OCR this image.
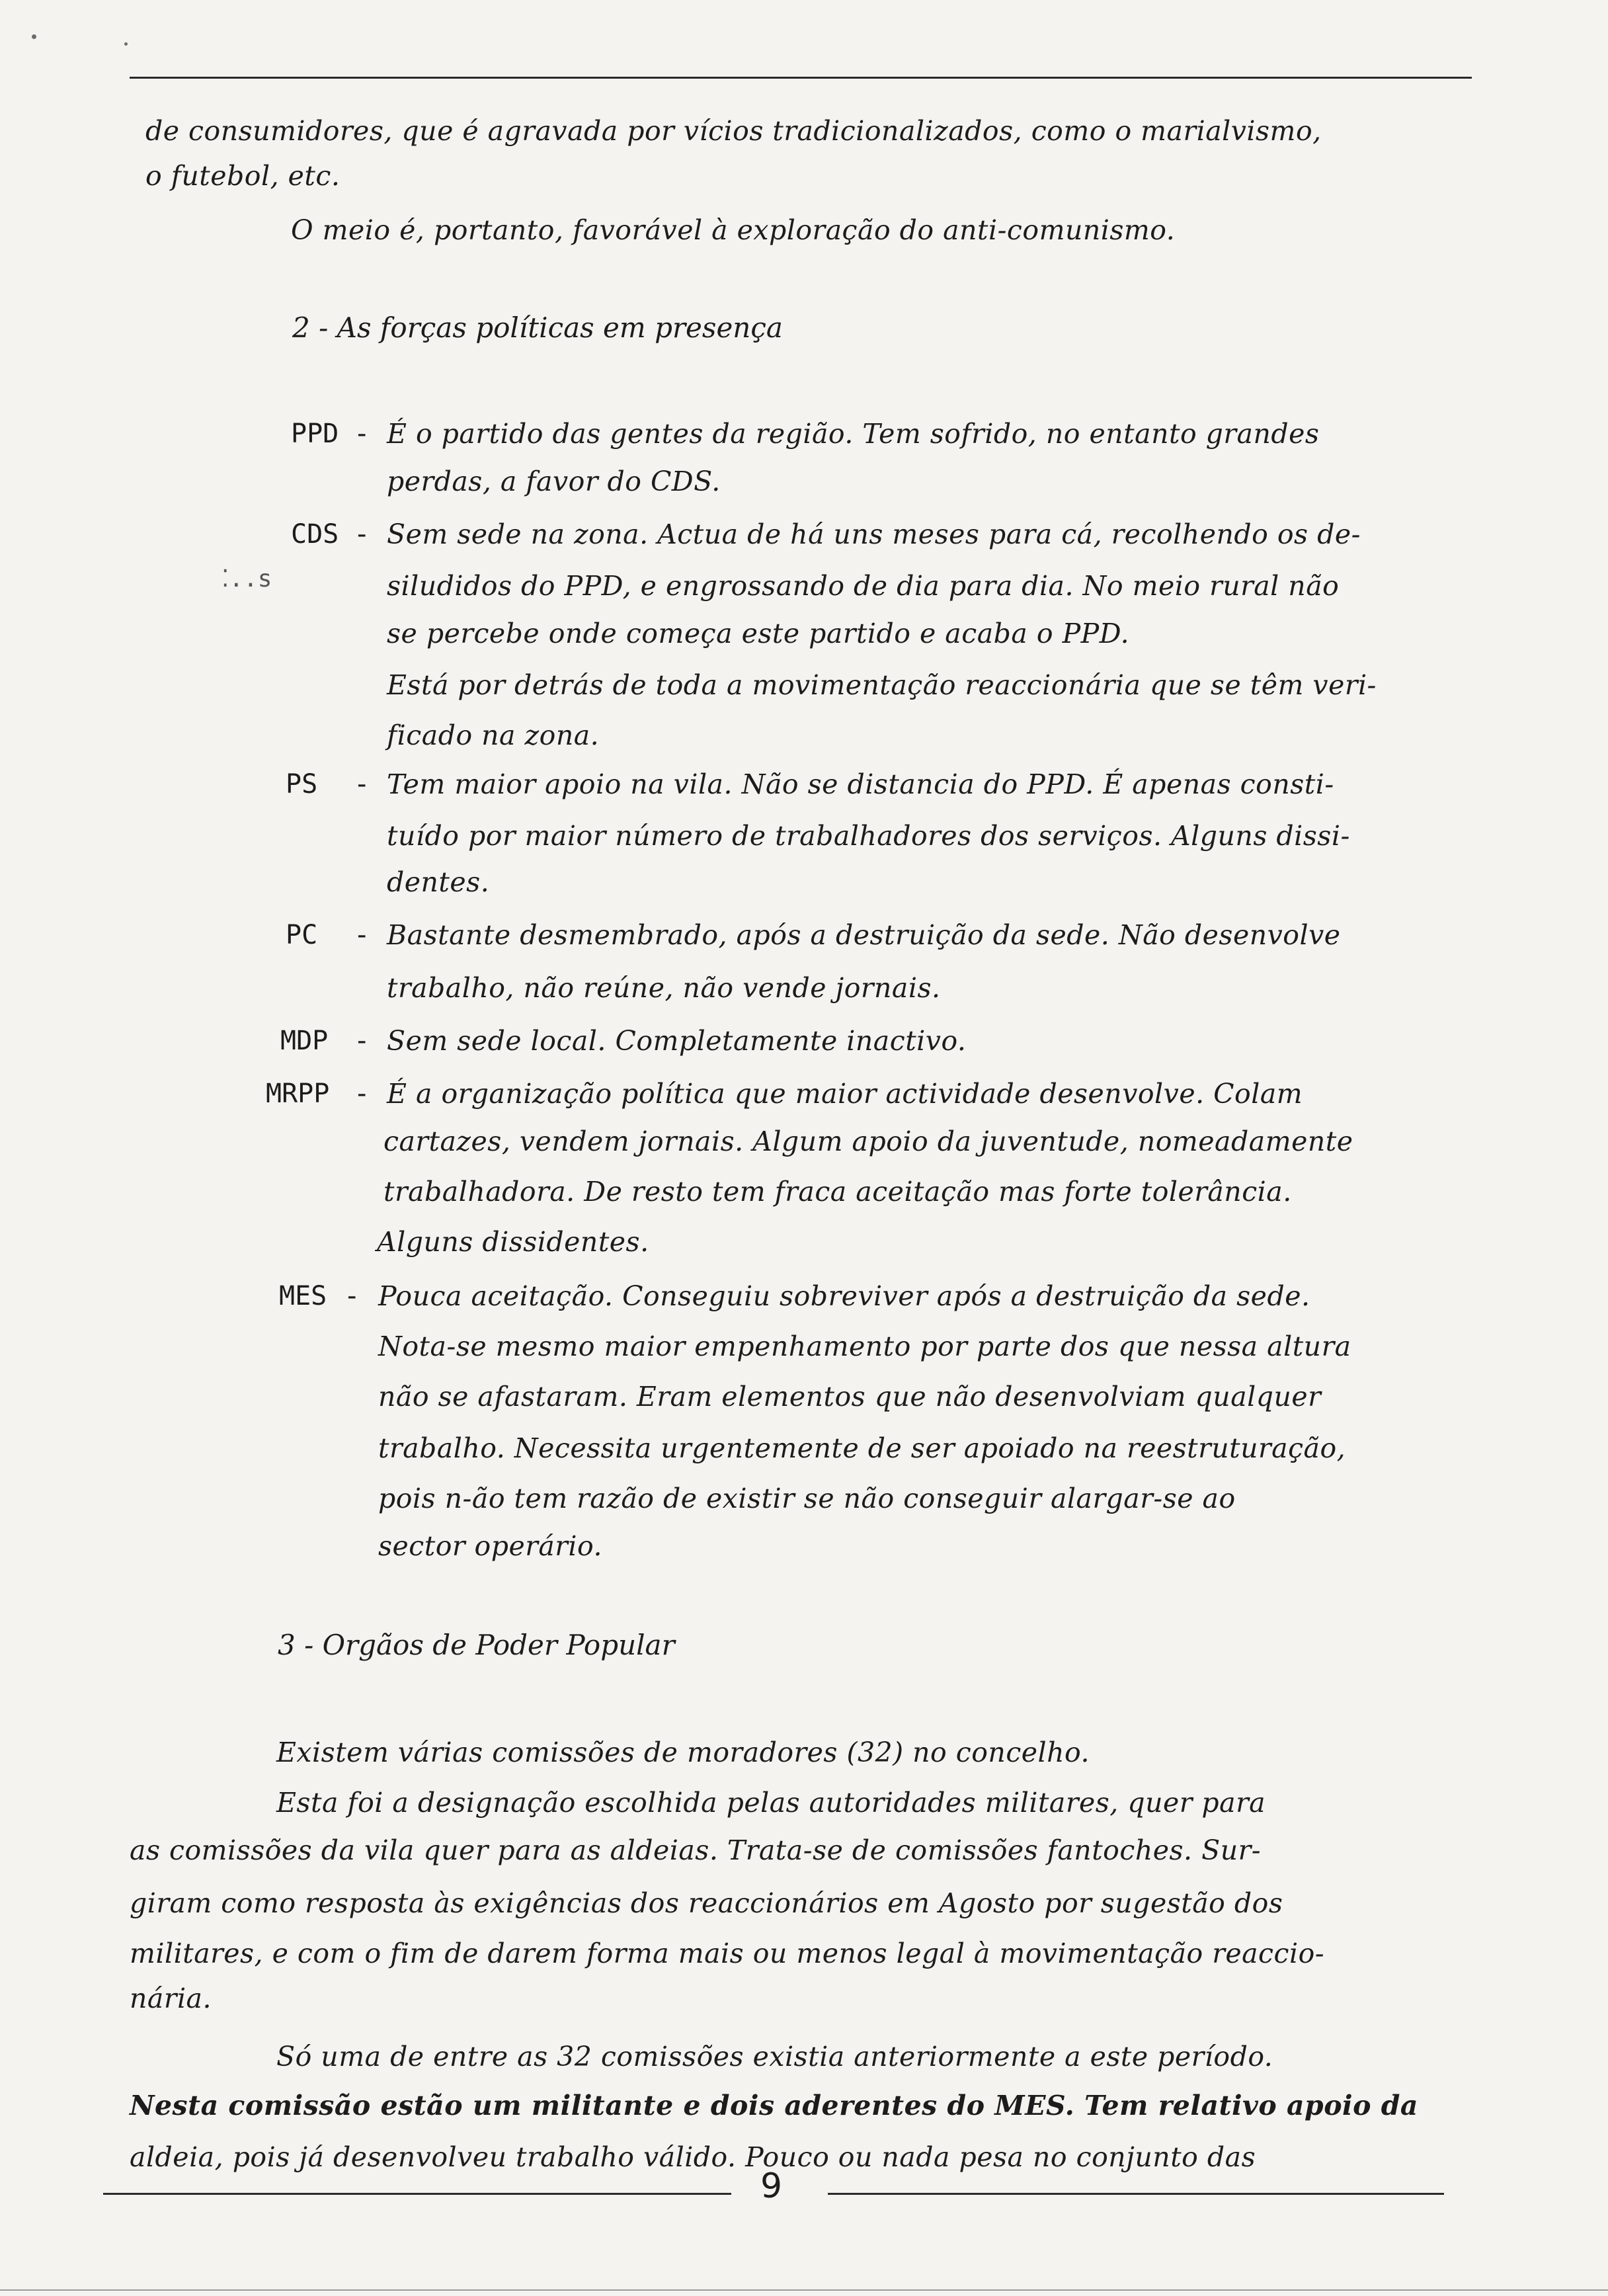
⁚..s
de consumidores, que é agravada por vícios tradicionalizados, como o marialvismo,
o futebol, etc.
O meio é, portanto, favorável à exploração do anti-comunismo.
2 - As forças políticas em presença
PPD - É o partido das gentes da região. Tem sofrido, no entanto grandes
perdas, a favor do CDS.
CDS - Sem sede na zona. Actua de há uns meses para cá, recolhendo os de-
siludidos do PPD, e engrossando de dia para dia. No meio rural não
se percebe onde começa este partido e acaba o PPD.
Está por detrás de toda a movimentação reaccionária que se têm veri-
ficado na zona.
PS - Tem maior apoio na vila. Não se distancia do PPD. É apenas consti-
tuído por maior número de trabalhadores dos serviços. Alguns dissi-
dentes.
PC - Bastante desmembrado, após a destruição da sede. Não desenvolve
trabalho, não reúne, não vende jornais.
MDP - Sem sede local. Completamente inactivo.
MRPP - É a organização política que maior actividade desenvolve. Colam
cartazes, vendem jornais. Algum apoio da juventude, nomeadamente
trabalhadora. De resto tem fraca aceitação mas forte tolerância.
Alguns dissidentes.
MES - Pouca aceitação. Conseguiu sobreviver após a destruição da sede.
Nota-se mesmo maior empenhamento por parte dos que nessa altura
não se afastaram. Eram elementos que não desenvolviam qualquer
trabalho. Necessita urgentemente de ser apoiado na reestruturação,
pois n-ão tem razão de existir se não conseguir alargar-se ao
sector operário.
3 - Orgãos de Poder Popular
Existem várias comissões de moradores (32) no concelho.
Esta foi a designação escolhida pelas autoridades militares, quer para
as comissões da vila quer para as aldeias. Trata-se de comissões fantoches. Sur-
giram como resposta às exigências dos reaccionários em Agosto por sugestão dos
militares, e com o fim de darem forma mais ou menos legal à movimentação reaccio-
nária.
Só uma de entre as 32 comissões existia anteriormente a este período.
Nesta comissão estão um militante e dois aderentes do MES. Tem relativo apoio da
aldeia, pois já desenvolveu trabalho válido. Pouco ou nada pesa no conjunto das
9
